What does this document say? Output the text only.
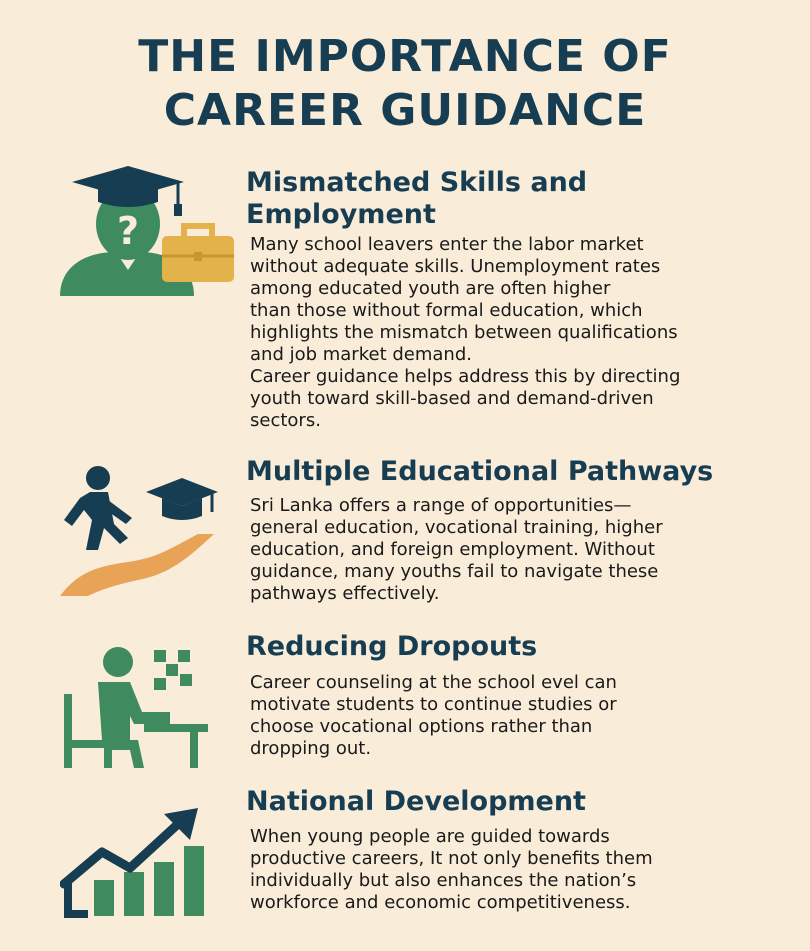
THE IMPORTANCE OF
CAREER GUIDANCE
?
Mismatched Skills and
Employment

Many school leavers enter the labor market
without adequate skills. Unemployment rates
among educated youth are often higher
than those without formal education, which
highlights the mismatch between qualifications
and job market demand.
Career guidance helps address this by directing
youth toward skill-based and demand-driven
sectors.

Multiple Educational Pathways

Sri Lanka offers a range of opportunities—
general education, vocational training, higher
education, and foreign employment. Without
guidance, many youths fail to navigate these
pathways effectively.

Reducing Dropouts

Career counseling at the school evel can
motivate students to continue studies or
choose vocational options rather than
dropping out.

National Development

When young people are guided towards
productive careers, It not only benefits them
individually but also enhances the nation’s
workforce and economic competitiveness.
